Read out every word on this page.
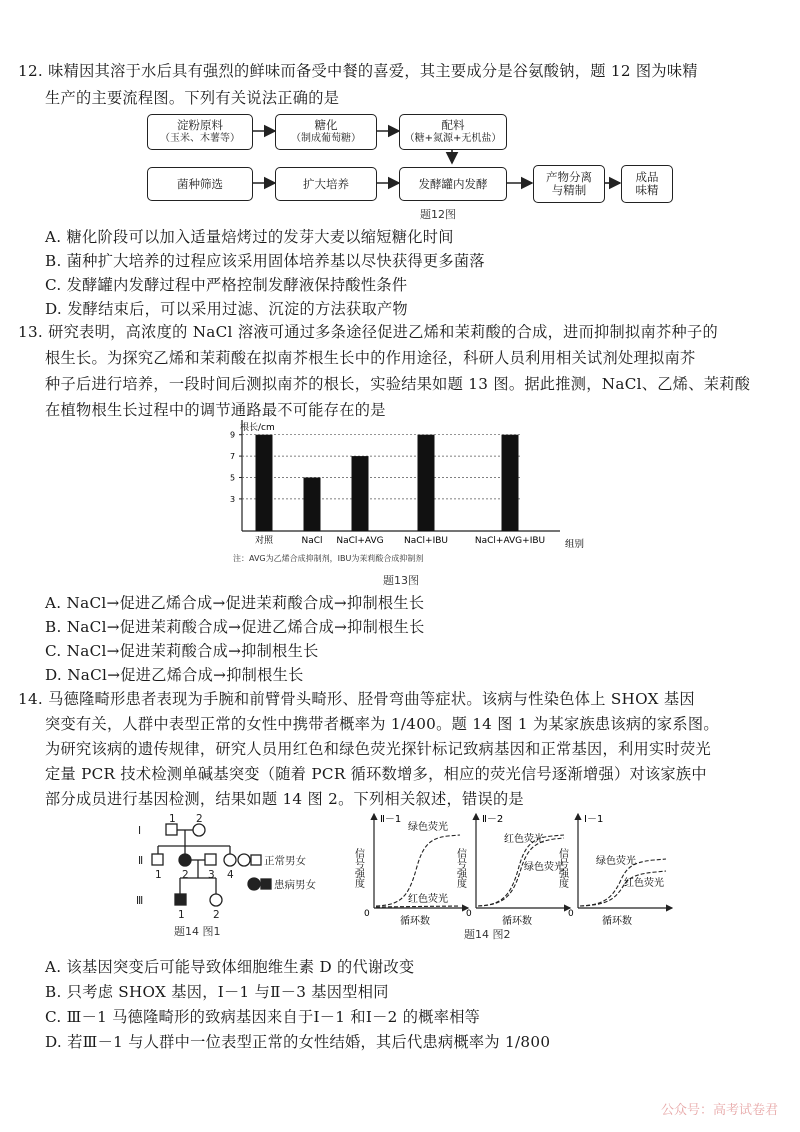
12. 味精因其溶于水后具有强烈的鲜味而备受中餐的喜爱，其主要成分是谷氨酸钠，题 12 图为味精
生产的主要流程图。下列有关说法正确的是
淀粉原料
（玉米、木薯等）
糖化
（制成葡萄糖）
配料
（糖+氮源+无机盐）
菌种筛选	扩大培养	发酵罐内发酵	产物分离
与精制
成品
味精
题12图
A. 糖化阶段可以加入适量焙烤过的发芽大麦以缩短糖化时间
B. 菌种扩大培养的过程应该采用固体培养基以尽快获得更多菌落
C. 发酵罐内发酵过程中严格控制发酵液保持酸性条件
D. 发酵结束后，可以采用过滤、沉淀的方法获取产物
13. 研究表明，高浓度的 NaCl 溶液可通过多条途径促进乙烯和茉莉酸的合成，进而抑制拟南芥种子的
根生长。为探究乙烯和茉莉酸在拟南芥根生长中的作用途径，科研人员利用相关试剂处理拟南芥
种子后进行培养，一段时间后测拟南芥的根长，实验结果如题 13 图。据此推测，NaCl、乙烯、茉莉酸
在植物根生长过程中的调节通路最不可能存在的是
根长/cm
组别
注：AVG为乙烯合成抑制剂，IBU为茉莉酸合成抑制剂
3
5
7
9
对照	NaCl NaCl+AVG NaCl+IBU	NaCl+AVG+IBU
题13图
A. NaCl→促进乙烯合成→促进茉莉酸合成→抑制根生长
B. NaCl→促进茉莉酸合成→促进乙烯合成→抑制根生长
C. NaCl→促进茉莉酸合成→抑制根生长
D. NaCl→促进乙烯合成→抑制根生长
14. 马德隆畸形患者表现为手腕和前臂骨头畸形、胫骨弯曲等症状。该病与性染色体上 SHOX 基因
突变有关，人群中表型正常的女性中携带者概率为 1/400。题 14 图 1 为某家族患该病的家系图。
为研究该病的遗传规律，研究人员用红色和绿色荧光探针标记致病基因和正常基因，利用实时荧光
定量 PCR 技术检测单碱基突变（随着 PCR 循环数增多，相应的荧光信号逐渐增强）对该家族中
部分成员进行基因检测，结果如题 14 图 2。下列相关叙述，错误的是
Ⅰ
Ⅱ
Ⅲ
1 2
1 2 3 4
1	2
正常男女
患病男女
题14 图1
Ⅱ－1
信号强度
0
循环数
绿色荧光
红色荧光
Ⅱ－2
信号强度
0
循环数
红色荧光
绿色荧光
Ⅰ－1
信号强度
0
循环数
绿色荧光
红色荧光
题14 图2
A. 该基因突变后可能导致体细胞维生素 D 的代谢改变
B. 只考虑 SHOX 基因，Ⅰ－1 与Ⅱ－3 基因型相同
C. Ⅲ－1 马德隆畸形的致病基因来自于Ⅰ－1 和Ⅰ－2 的概率相等
D. 若Ⅲ－1 与人群中一位表型正常的女性结婚，其后代患病概率为 1/800
公众号：高考试卷君
